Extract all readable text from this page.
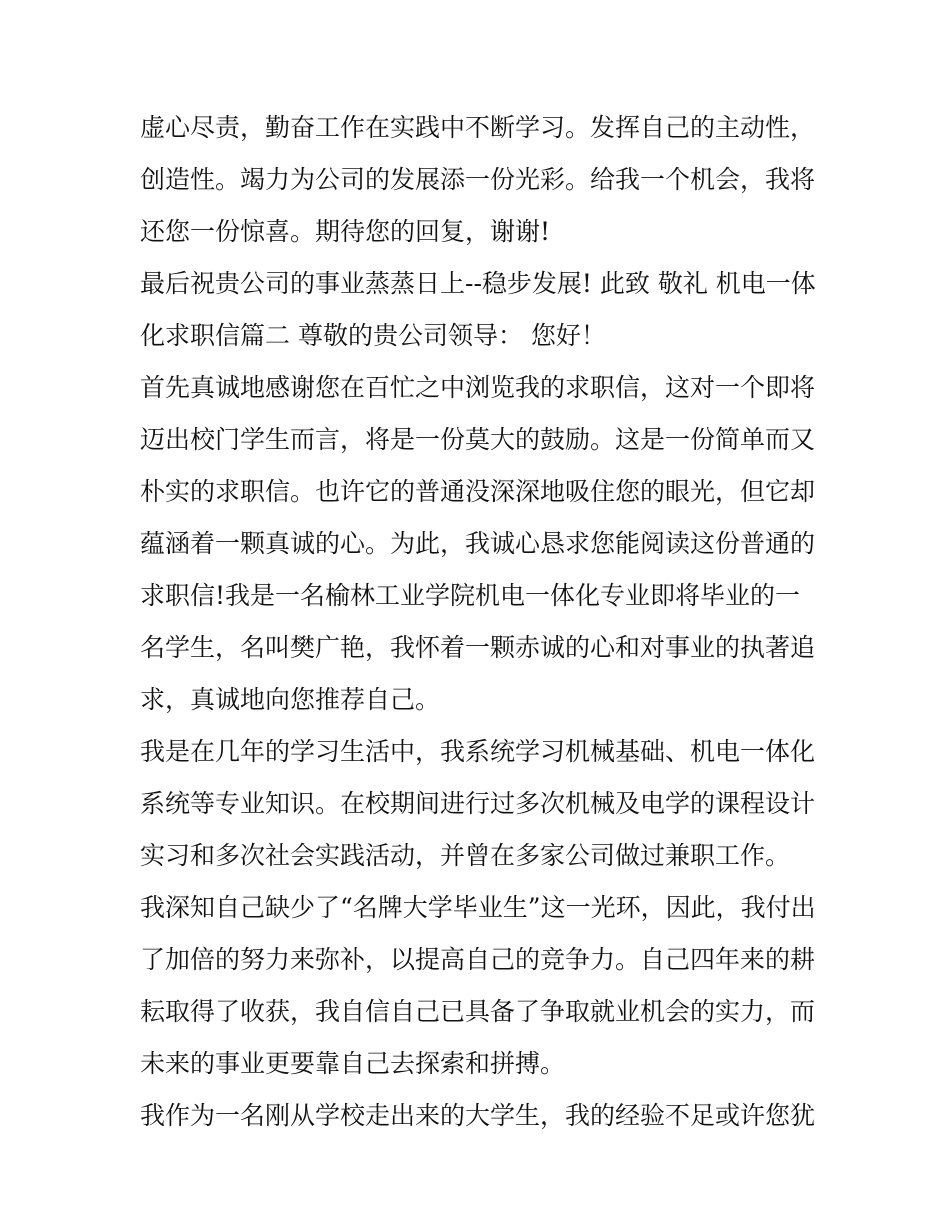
虚心尽责，勤奋工作在实践中不断学习。发挥自己的主动性，
创造性。竭力为公司的发展添一份光彩。给我一个机会，我将
还您一份惊喜。期待您的回复，谢谢!
最后祝贵公司的事业蒸蒸日上--稳步发展! 此致 敬礼 机电一体
化求职信篇二 尊敬的贵公司领导： 您好！
首先真诚地感谢您在百忙之中浏览我的求职信，这对一个即将
迈出校门学生而言，将是一份莫大的鼓励。这是一份简单而又
朴实的求职信。也许它的普通没深深地吸住您的眼光，但它却
蕴涵着一颗真诚的心。为此，我诚心恳求您能阅读这份普通的
求职信!我是一名榆林工业学院机电一体化专业即将毕业的一
名学生，名叫樊广艳，我怀着一颗赤诚的心和对事业的执著追
求，真诚地向您推荐自己。
我是在几年的学习生活中，我系统学习机械基础、机电一体化
系统等专业知识。在校期间进行过多次机械及电学的课程设计
实习和多次社会实践活动，并曾在多家公司做过兼职工作。
我深知自己缺少了“名牌大学毕业生”这一光环，因此，我付出
了加倍的努力来弥补，以提高自己的竞争力。自己四年来的耕
耘取得了收获，我自信自己已具备了争取就业机会的实力，而
未来的事业更要靠自己去探索和拼搏。
我作为一名刚从学校走出来的大学生，我的经验不足或许您犹
